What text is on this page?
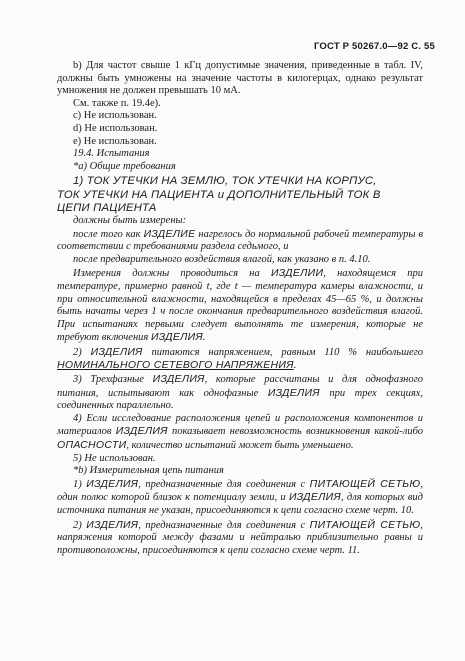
ГОСТ Р 50267.0—92 С. 55

b) Для частот свыше 1 кГц допустимые значения, приведенные в табл. IV, должны быть умножены на значение частоты в килогерцах, однако результат умножения не должен превышать 10 мА.

См. также п. 19.4е).

с) Не использован.

d) Не использован.

е) Не использован.

19.4. Испытания

*а) Общие требования

1) ТОК УТЕЧКИ НА ЗЕМЛЮ, ТОК УТЕЧКИ НА КОРПУС,
ТОК УТЕЧКИ НА ПАЦИЕНТА и ДОПОЛНИТЕЛЬНЫЙ ТОК В
ЦЕПИ ПАЦИЕНТА

должны быть измерены:

после того как ИЗДЕЛИЕ нагрелось до нормальной рабочей температуры в соответствии с требованиями раздела седьмого, и

после предварительного воздействия влагой, как указано в п. 4.10.

Измерения должны проводиться на ИЗДЕЛИИ, находящемся при температуре, примерно равной t, где t — температура камеры влажности, и при относительной влажности, находящейся в пределах 45—65 %, и должны быть начаты через 1 ч после окончания предварительного воздействия влагой. При испытаниях первыми следует выполнять те измерения, которые не требуют включения ИЗДЕЛИЯ.

2) ИЗДЕЛИЯ питаются напряжением, равным 110 % наибольшего НОМИНАЛЬНОГО СЕТЕВОГО НАПРЯЖЕНИЯ.

3) Трехфазные ИЗДЕЛИЯ, которые рассчитаны и для однофазного питания, испытывают как однофазные ИЗДЕЛИЯ при трех секциях, соединенных параллельно.

4) Если исследование расположения цепей и расположения компонентов и материалов ИЗДЕЛИЯ показывает невозможность возникновения какой-либо ОПАСНОСТИ, количество испытаний может быть уменьшено.

5) Не использован.

*b) Измерительная цепь питания

1) ИЗДЕЛИЯ, предназначенные для соединения с ПИТАЮЩЕЙ СЕТЬЮ, один полюс которой близок к потенциалу земли, и ИЗДЕЛИЯ, для которых вид источника питания не указан, присоединяются к цепи согласно схеме черт. 10.

2) ИЗДЕЛИЯ, предназначенные для соединения с ПИТАЮЩЕЙ СЕТЬЮ, напряжения которой между фазами и нейтралью приблизительно равны и противоположны, присоединяются к цепи согласно схеме черт. 11.
